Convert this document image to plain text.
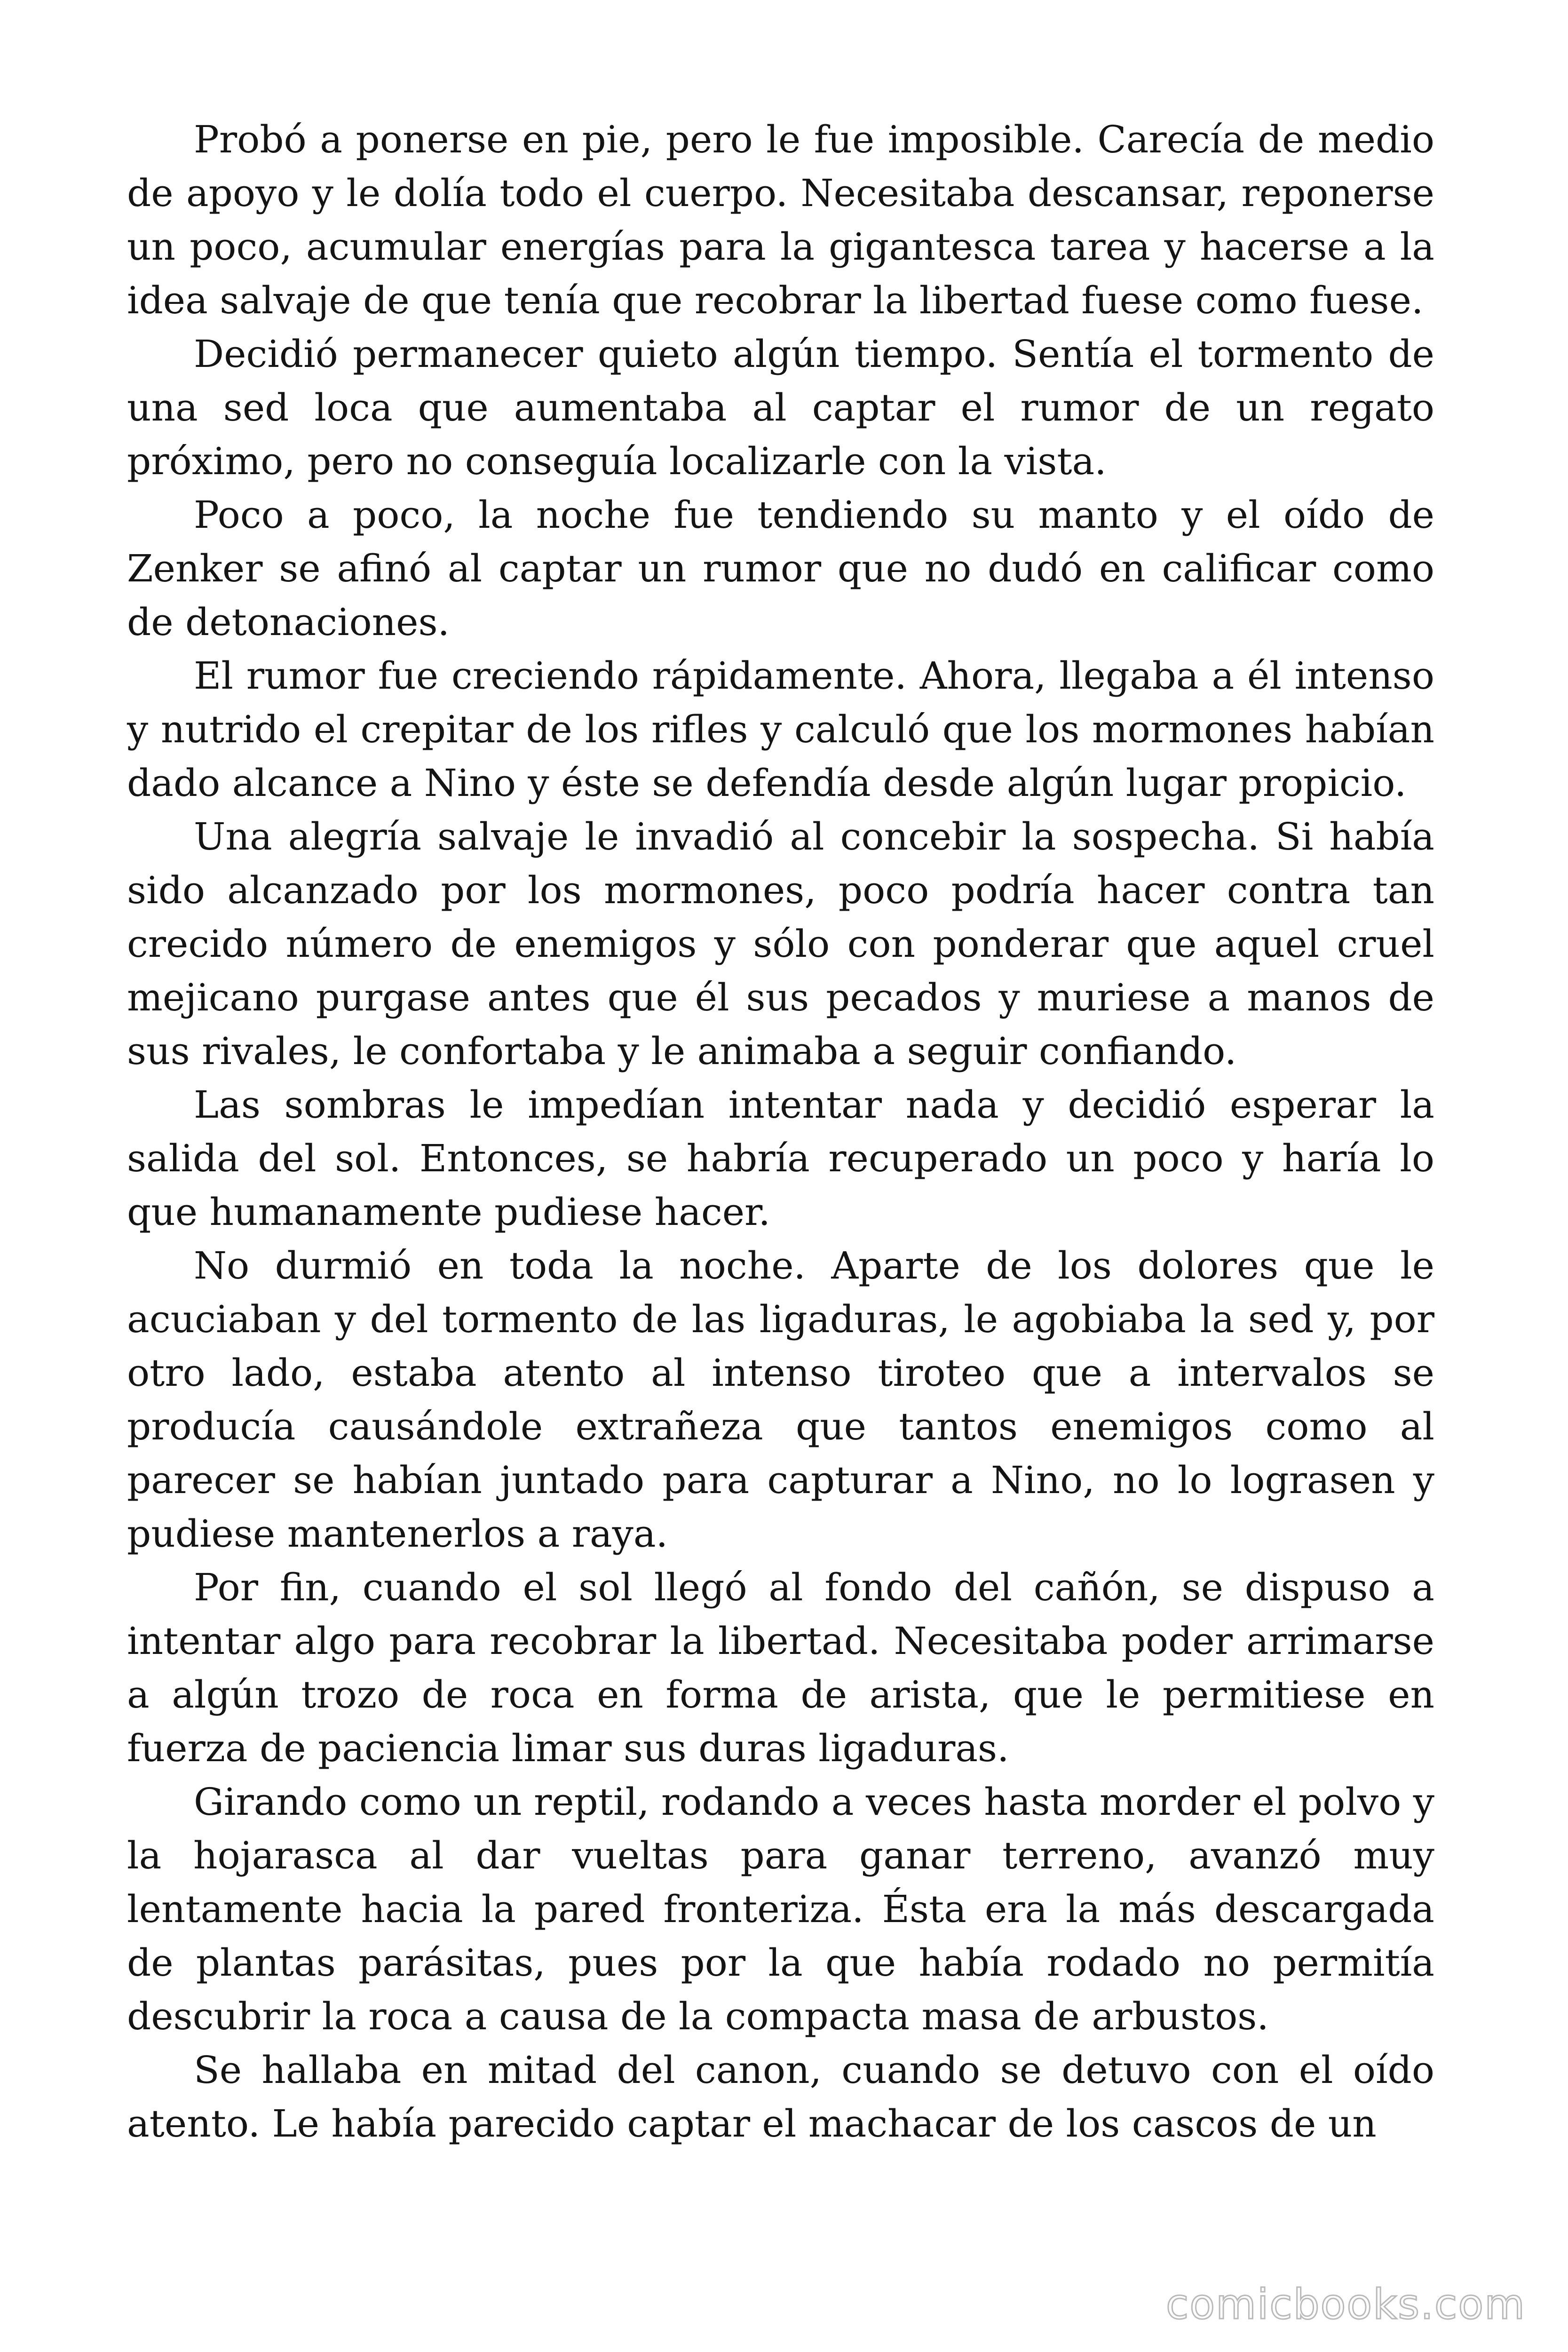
Probó a ponerse en pie, pero le fue imposible. Carecía de medio de apoyo y le dolía todo el cuerpo. Necesitaba descansar, reponerse un poco, acumular energías para la gigantesca tarea y hacerse a la idea salvaje de que tenía que recobrar la libertad fuese como fuese.

Decidió permanecer quieto algún tiempo. Sentía el tormento de una sed loca que aumentaba al captar el rumor de un regato próximo, pero no conseguía localizarle con la vista.

Poco a poco, la noche fue tendiendo su manto y el oído de Zenker se afinó al captar un rumor que no dudó en calificar como de detonaciones.

El rumor fue creciendo rápidamente. Ahora, llegaba a él intenso y nutrido el crepitar de los rifles y calculó que los mormones habían dado alcance a Nino y éste se defendía desde algún lugar propicio.

Una alegría salvaje le invadió al concebir la sospecha. Si había sido alcanzado por los mormones, poco podría hacer contra tan crecido número de enemigos y sólo con ponderar que aquel cruel mejicano purgase antes que él sus pecados y muriese a manos de sus rivales, le confortaba y le animaba a seguir confiando.

Las sombras le impedían intentar nada y decidió esperar la salida del sol. Entonces, se habría recuperado un poco y haría lo que humanamente pudiese hacer.

No durmió en toda la noche. Aparte de los dolores que le acuciaban y del tormento de las ligaduras, le agobiaba la sed y, por otro lado, estaba atento al intenso tiroteo que a intervalos se producía causándole extrañeza que tantos enemigos como al parecer se habían juntado para capturar a Nino, no lo lograsen y pudiese mantenerlos a raya.

Por fin, cuando el sol llegó al fondo del cañón, se dispuso a intentar algo para recobrar la libertad. Necesitaba poder arrimarse a algún trozo de roca en forma de arista, que le permitiese en fuerza de paciencia limar sus duras ligaduras.

Girando como un reptil, rodando a veces hasta morder el polvo y la hojarasca al dar vueltas para ganar terreno, avanzó muy lentamente hacia la pared fronteriza. Ésta era la más descargada de plantas parásitas, pues por la que había rodado no permitía descubrir la roca a causa de la compacta masa de arbustos.

Se hallaba en mitad del canon, cuando se detuvo con el oído atento. Le había parecido captar el machacar de los cascos de un

comicbooks.com
